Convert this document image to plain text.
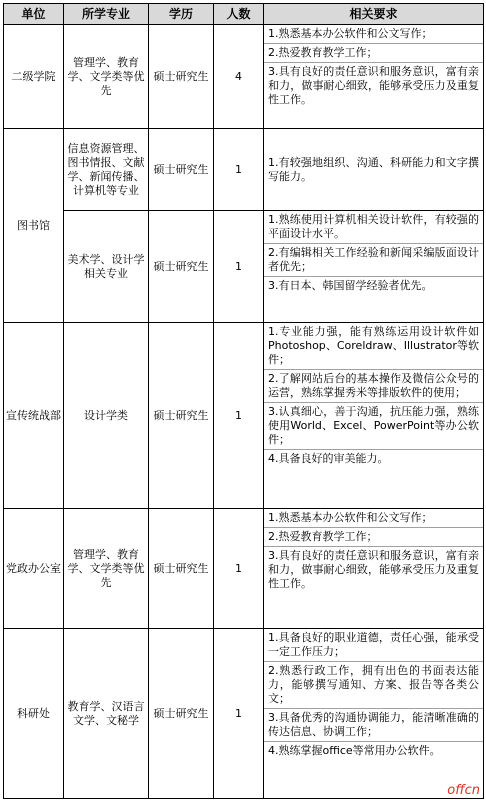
单位	所学专业	学历	人数	相关要求
二级学院	管理学、教育学、文学类等优先	硕士研究生	4	1.熟悉基本办公软件和公文写作；
2.热爱教育教学工作；
3.具有良好的责任意识和服务意识，富有亲和力，做事耐心细致，能够承受压力及重复性工作。

图书馆	信息资源管理、图书情报、文献学、新闻传播、计算机等专业	硕士研究生	1	1.有较强地组织、沟通、科研能力和文字撰写能力。

	美术学、设计学相关专业	硕士研究生	1	1.熟练使用计算机相关设计软件，有较强的平面设计水平。
2.有编辑相关工作经验和新闻采编版面设计者优先；
3.有日本、韩国留学经验者优先。

宣传统战部	设计学类	硕士研究生	1	1.专业能力强，能有熟练运用设计软件如Photoshop、Coreldraw、Illustrator等软件；
2.了解网站后台的基本操作及微信公众号的运营，熟练掌握秀米等排版软件的使用；
3.认真细心，善于沟通，抗压能力强，熟练使用World、Excel、PowerPoint等办公软件；
4.具备良好的审美能力。

党政办公室	管理学、教育学、文学类等优先	硕士研究生	1	1.熟悉基本办公软件和公文写作；
2.热爱教育教学工作；
3.具有良好的责任意识和服务意识，富有亲和力，做事耐心细致，能够承受压力及重复性工作。

科研处	教育学、汉语言文学、文秘学	硕士研究生	1	1.具备良好的职业道德，责任心强，能承受一定工作压力；
2.熟悉行政工作，拥有出色的书面表达能力，能够撰写通知、方案、报告等各类公文；
3.具备优秀的沟通协调能力，能清晰准确的传达信息、协调工作；
4.熟练掌握office等常用办公软件。
offcn
